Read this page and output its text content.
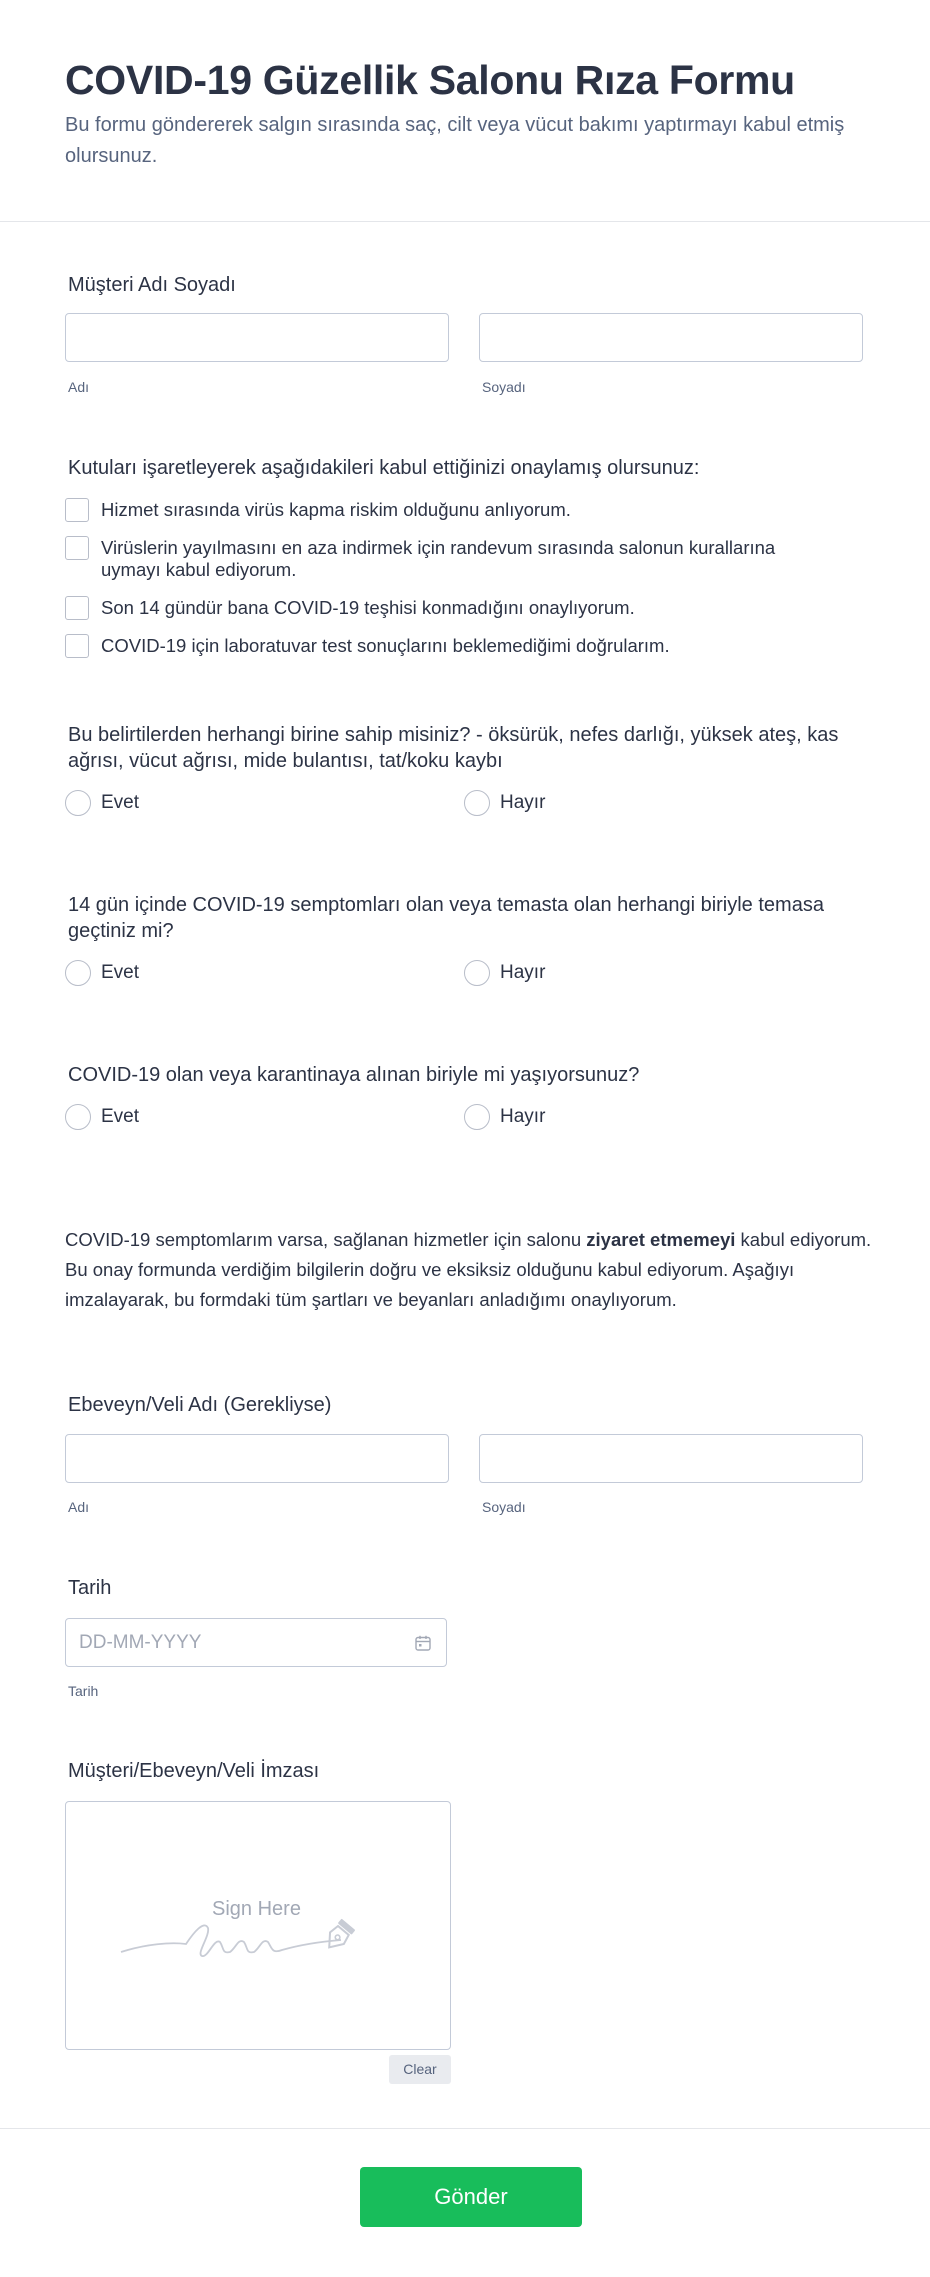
COVID-19 Güzellik Salonu Rıza Formu

Bu formu göndererek salgın sırasında saç, cilt veya vücut bakımı yaptırmayı kabul etmiş olursunuz.

Müşteri Adı Soyadı
Adı	Soyadı
Kutuları işaretleyerek aşağıdakileri kabul ettiğinizi onaylamış olursunuz:
Hizmet sırasında virüs kapma riskim olduğunu anlıyorum.
Virüslerin yayılmasını en aza indirmek için randevum sırasında salonun kurallarına uymayı kabul ediyorum.
Son 14 gündür bana COVID-19 teşhisi konmadığını onaylıyorum.
COVID-19 için laboratuvar test sonuçlarını beklemediğimi doğrularım.
Bu belirtilerden herhangi birine sahip misiniz? - öksürük, nefes darlığı, yüksek ateş, kas ağrısı, vücut ağrısı, mide bulantısı, tat/koku kaybı
Evet	Hayır
14 gün içinde COVID-19 semptomları olan veya temasta olan herhangi biriyle temasa geçtiniz mi?
Evet	Hayır
COVID-19 olan veya karantinaya alınan biriyle mi yaşıyorsunuz?
Evet	Hayır

COVID-19 semptomlarım varsa, sağlanan hizmetler için salonu ziyaret etmemeyi kabul ediyorum. Bu onay formunda verdiğim bilgilerin doğru ve eksiksiz olduğunu kabul ediyorum. Aşağıyı imzalayarak, bu formdaki tüm şartları ve beyanları anladığımı onaylıyorum.

Ebeveyn/Veli Adı (Gerekliyse)
Adı	Soyadı
Tarih
DD-MM-YYYY
Tarih
Müşteri/Ebeveyn/Veli İmzası
Sign Here
Clear
Gönder
